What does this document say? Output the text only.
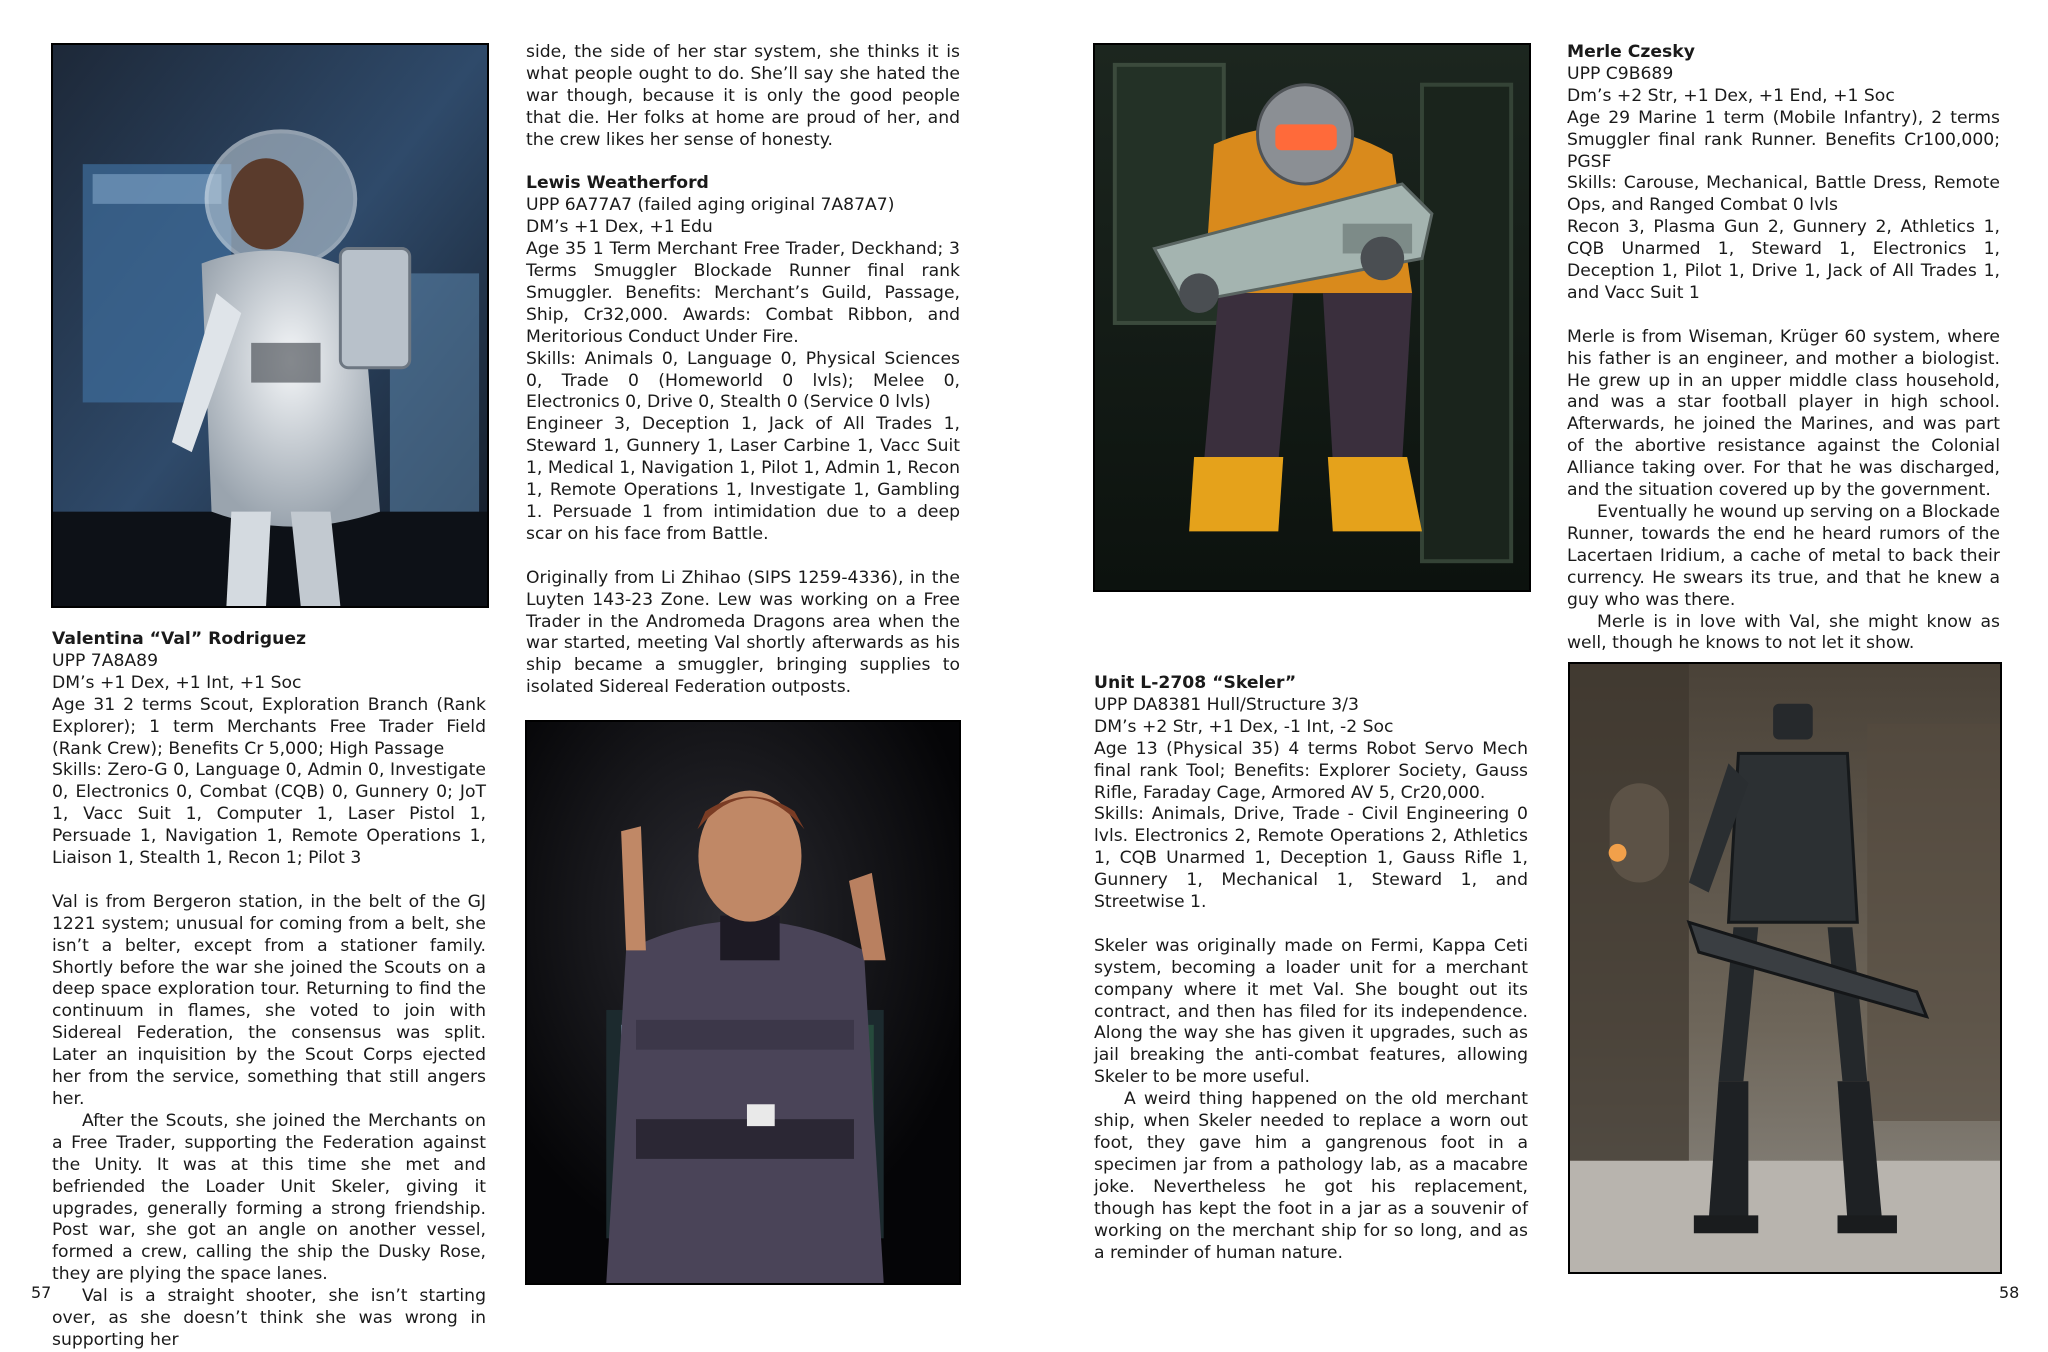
Valentina “Val” Rodriguez

UPP 7A8A89

DM’s +1 Dex, +1 Int, +1 Soc

Age 31 2 terms Scout, Exploration Branch (Rank Explorer); 1 term Merchants Free Trader Field (Rank Crew); Benefits Cr 5,000; High Passage

Skills: Zero-G 0, Language 0, Admin 0, Investigate 0, Electronics 0, Combat (CQB) 0, Gunnery 0; JoT 1, Vacc Suit 1, Computer 1, Laser Pistol 1, Persuade 1, Navigation 1, Remote Operations 1, Liaison 1, Stealth 1, Recon 1; Pilot 3

Val is from Bergeron station, in the belt of the GJ 1221 system; unusual for coming from a belt, she isn’t a belter, except from a stationer family. Shortly before the war she joined the Scouts on a deep space exploration tour. Returning to find the continuum in flames, she voted to join with Sidereal Federation, the consensus was split. Later an inquisition by the Scout Corps ejected her from the service, something that still angers her.

After the Scouts, she joined the Merchants on a Free Trader, supporting the Federation against the Unity. It was at this time she met and befriended the Loader Unit Skeler, giving it upgrades, generally forming a strong friendship. Post war, she got an angle on another vessel, formed a crew, calling the ship the Dusky Rose, they are plying the space lanes.

Val is a straight shooter, she isn’t starting over, as she doesn’t think she was wrong in supporting her

57

side, the side of her star system, she thinks it is what people ought to do. She’ll say she hated the war though, because it is only the good people that die. Her folks at home are proud of her, and the crew likes her sense of honesty.

Lewis Weatherford

UPP 6A77A7 (failed aging original 7A87A7)

DM’s +1 Dex, +1 Edu

Age 35 1 Term Merchant Free Trader, Deckhand; 3 Terms Smuggler Blockade Runner final rank Smuggler. Benefits: Merchant’s Guild, Passage, Ship, Cr32,000. Awards: Combat Ribbon, and Meritorious Conduct Under Fire.

Skills: Animals 0, Language 0, Physical Sciences 0, Trade 0 (Homeworld 0 lvls); Melee 0, Electronics 0, Drive 0, Stealth 0 (Service 0 lvls)

Engineer 3, Deception 1, Jack of All Trades 1, Steward 1, Gunnery 1, Laser Carbine 1, Vacc Suit 1, Medical 1, Navigation 1, Pilot 1, Admin 1, Recon 1, Remote Operations 1, Investigate 1, Gambling 1. Persuade 1 from intimidation due to a deep scar on his face from Battle.

Originally from Li Zhihao (SIPS 1259-4336), in the Luyten 143-23 Zone. Lew was working on a Free Trader in the Andromeda Dragons area when the war started, meeting Val shortly afterwards as his ship became a smuggler, bringing supplies to isolated Sidereal Federation outposts.

Merle Czesky

UPP C9B689

Dm’s +2 Str, +1 Dex, +1 End, +1 Soc

Age 29 Marine 1 term (Mobile Infantry), 2 terms Smuggler final rank Runner. Benefits Cr100,000; PGSF

Skills: Carouse, Mechanical, Battle Dress, Remote Ops, and Ranged Combat 0 lvls

Recon 3, Plasma Gun 2, Gunnery 2, Athletics 1, CQB Unarmed 1, Steward 1, Electronics 1, Deception 1, Pilot 1, Drive 1, Jack of All Trades 1, and Vacc Suit 1

Merle is from Wiseman, Krüger 60 system, where his father is an engineer, and mother a biologist. He grew up in an upper middle class household, and was a star football player in high school. Afterwards, he joined the Marines, and was part of the abortive resistance against the Colonial Alliance taking over. For that he was discharged, and the situation covered up by the government.

Eventually he wound up serving on a Blockade Runner, towards the end he heard rumors of the Lacertaen Iridium, a cache of metal to back their currency. He swears its true, and that he knew a guy who was there.

Merle is in love with Val, she might know as well, though he knows to not let it show.

Unit L-2708 “Skeler”

UPP DA8381 Hull/Structure 3/3

DM’s +2 Str, +1 Dex, -1 Int, -2 Soc

Age 13 (Physical 35) 4 terms Robot Servo Mech final rank Tool; Benefits: Explorer Society, Gauss Rifle, Faraday Cage, Armored AV 5, Cr20,000.

Skills: Animals, Drive, Trade - Civil Engineering 0 lvls. Electronics 2, Remote Operations 2, Athletics 1, CQB Unarmed 1, Deception 1, Gauss Rifle 1, Gunnery 1, Mechanical 1, Steward 1, and Streetwise 1.

Skeler was originally made on Fermi, Kappa Ceti system, becoming a loader unit for a merchant company where it met Val. She bought out its contract, and then has filed for its independence. Along the way she has given it upgrades, such as jail breaking the anti-combat features, allowing Skeler to be more useful.

A weird thing happened on the old merchant ship, when Skeler needed to replace a worn out foot, they gave him a gangrenous foot in a specimen jar from a pathology lab, as a macabre joke. Nevertheless he got his replacement, though has kept the foot in a jar as a souvenir of working on the merchant ship for so long, and as a reminder of human nature.

58
